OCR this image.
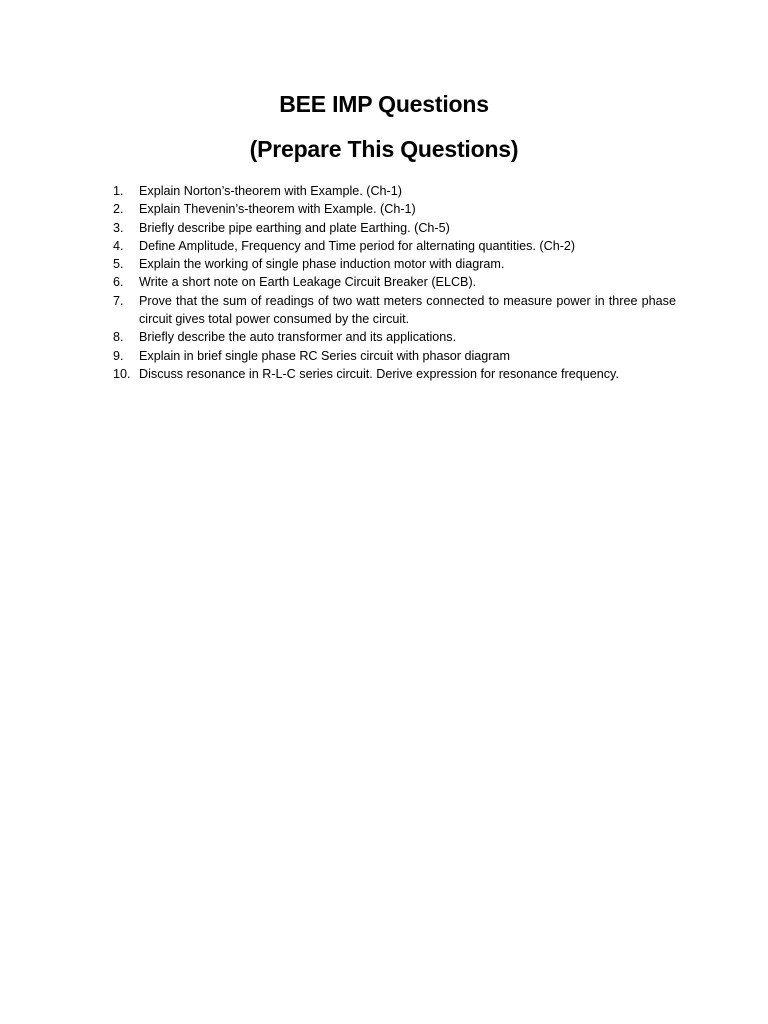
BEE IMP Questions
(Prepare This Questions)
1.	Explain Norton’s-theorem with Example. (Ch-1)
2.	Explain Thevenin’s-theorem with Example. (Ch-1)
3.	Briefly describe pipe earthing and plate Earthing. (Ch-5)
4.	Define Amplitude, Frequency and Time period for alternating quantities. (Ch-2)
5.	Explain the working of single phase induction motor with diagram.
6.	Write a short note on Earth Leakage Circuit Breaker (ELCB).
7.	Prove that the sum of readings of two watt meters connected to measure power in three phase circuit gives total power consumed by the circuit.
8.	Briefly describe the auto transformer and its applications.
9.	Explain in brief single phase RC Series circuit with phasor diagram
10. Discuss resonance in R-L-C series circuit. Derive expression for resonance frequency.
